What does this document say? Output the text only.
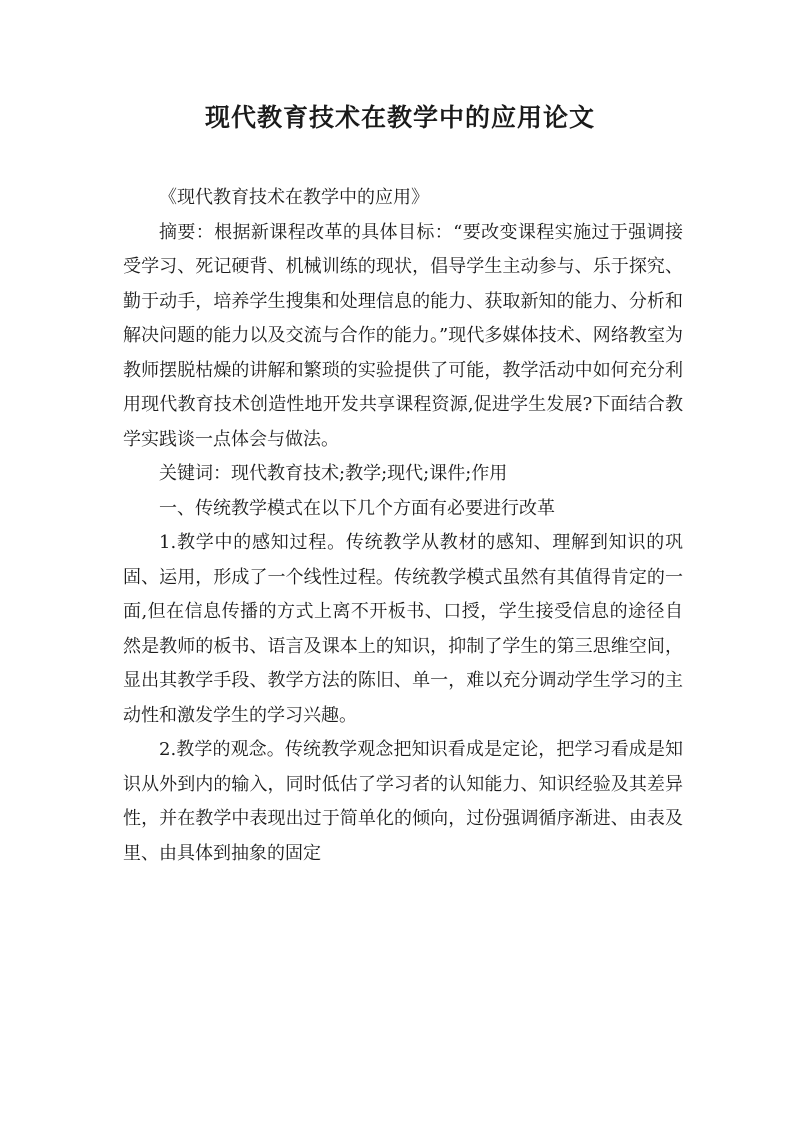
现代教育技术在教学中的应用论文

《现代教育技术在教学中的应用》

摘要：根据新课程改革的具体目标：“要改变课程实施过于强调接受学习、死记硬背、机械训练的现状，倡导学生主动参与、乐于探究、勤于动手，培养学生搜集和处理信息的能力、获取新知的能力、分析和解决问题的能力以及交流与合作的能力。”现代多媒体技术、网络教室为教师摆脱枯燥的讲解和繁琐的实验提供了可能，教学活动中如何充分利用现代教育技术创造性地开发共享课程资源,促进学生发展?下面结合教学实践谈一点体会与做法。

关键词：现代教育技术;教学;现代;课件;作用

一、传统教学模式在以下几个方面有必要进行改革

1.教学中的感知过程。传统教学从教材的感知、理解到知识的巩固、运用，形成了一个线性过程。传统教学模式虽然有其值得肯定的一面,但在信息传播的方式上离不开板书、口授，学生接受信息的途径自然是教师的板书、语言及课本上的知识，抑制了学生的第三思维空间，显出其教学手段、教学方法的陈旧、单一，难以充分调动学生学习的主动性和激发学生的学习兴趣。

2.教学的观念。传统教学观念把知识看成是定论，把学习看成是知识从外到内的输入，同时低估了学习者的认知能力、知识经验及其差异性，并在教学中表现出过于简单化的倾向，过份强调循序渐进、由表及里、由具体到抽象的固定
